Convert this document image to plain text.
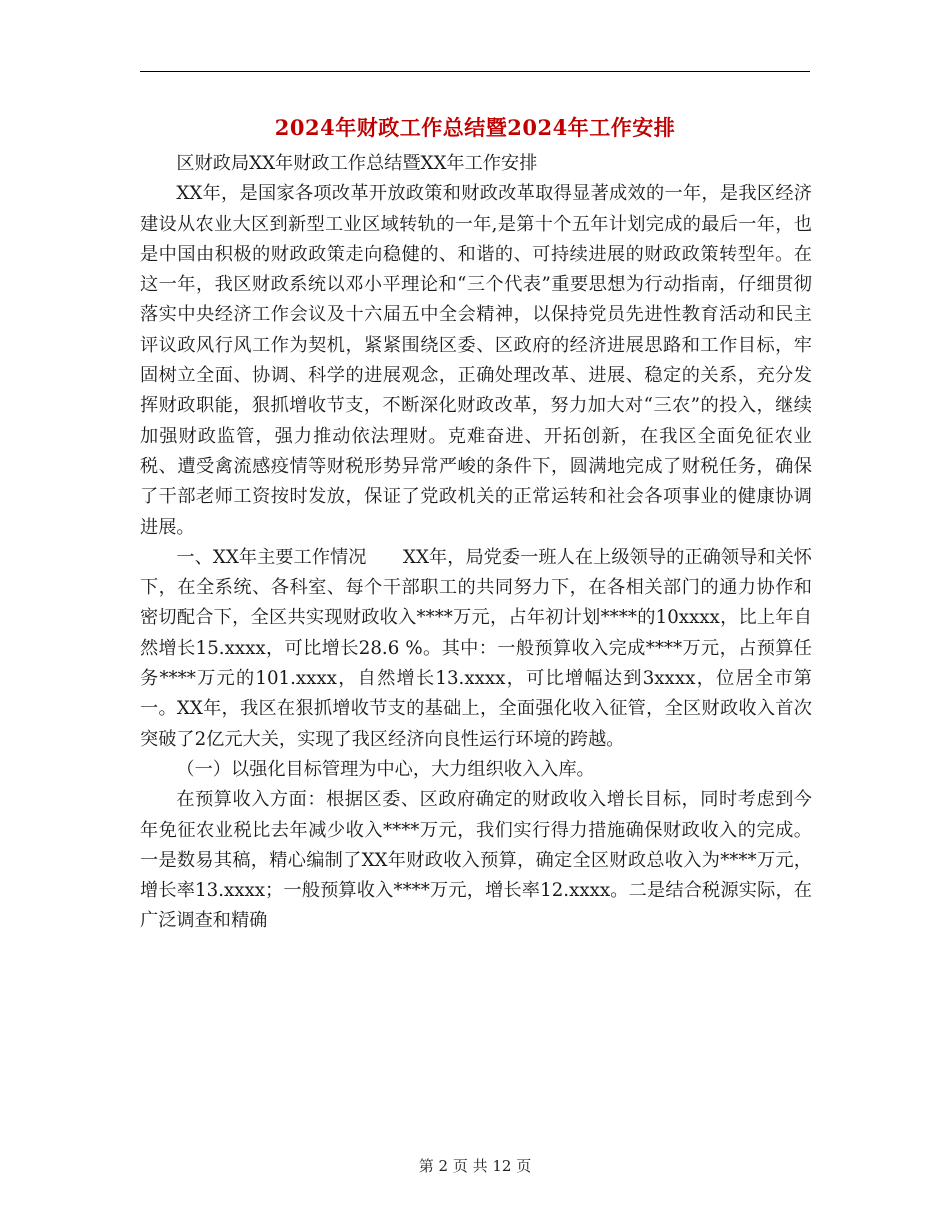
2024年财政工作总结暨2024年工作安排

区财政局XX年财政工作总结暨XX年工作安排

XX年，是国家各项改革开放政策和财政改革取得显著成效的一年，是我区经济建设从农业大区到新型工业区域转轨的一年,是第十个五年计划完成的最后一年，也是中国由积极的财政政策走向稳健的、和谐的、可持续进展的财政政策转型年。在这一年，我区财政系统以邓小平理论和“三个代表”重要思想为行动指南，仔细贯彻落实中央经济工作会议及十六届五中全会精神，以保持党员先进性教育活动和民主评议政风行风工作为契机，紧紧围绕区委、区政府的经济进展思路和工作目标，牢固树立全面、协调、科学的进展观念，正确处理改革、进展、稳定的关系，充分发挥财政职能，狠抓增收节支，不断深化财政改革，努力加大对“三农”的投入，继续加强财政监管，强力推动依法理财。克难奋进、开拓创新，在我区全面免征农业税、遭受禽流感疫情等财税形势异常严峻的条件下，圆满地完成了财税任务，确保了干部老师工资按时发放，保证了党政机关的正常运转和社会各项事业的健康协调进展。

一、XX年主要工作情况　　XX年，局党委一班人在上级领导的正确领导和关怀下，在全系统、各科室、每个干部职工的共同努力下，在各相关部门的通力协作和密切配合下，全区共实现财政收入****万元，占年初计划****的10xxxx，比上年自然增长15.xxxx，可比增长28.6 %。其中：一般预算收入完成****万元，占预算任务****万元的101.xxxx，自然增长13.xxxx，可比增幅达到3xxxx，位居全市第一。XX年，我区在狠抓增收节支的基础上，全面强化收入征管，全区财政收入首次突破了2亿元大关，实现了我区经济向良性运行环境的跨越。

（一）以强化目标管理为中心，大力组织收入入库。

在预算收入方面：根据区委、区政府确定的财政收入增长目标，同时考虑到今年免征农业税比去年减少收入****万元，我们实行得力措施确保财政收入的完成。一是数易其稿，精心编制了XX年财政收入预算，确定全区财政总收入为****万元，增长率13.xxxx；一般预算收入****万元，增长率12.xxxx。二是结合税源实际，在广泛调查和精确

第 2 页 共 12 页
